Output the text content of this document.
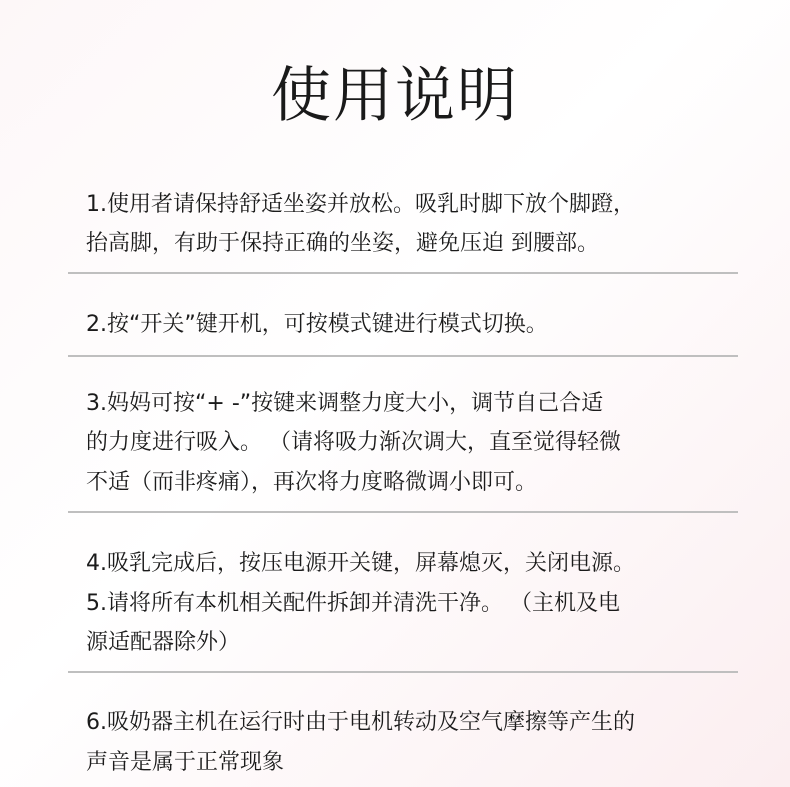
使用说明
1.使用者请保持舒适坐姿并放松。吸乳时脚下放个脚蹬，
抬高脚，有助于保持正确的坐姿，避免压迫 到腰部。
2.按“开关”键开机，可按模式键进行模式切换。
3.妈妈可按“+ -”按键来调整力度大小，调节自己合适
的力度进行吸入。 （请将吸力渐次调大，直至觉得轻微
不适（而非疼痛），再次将力度略微调小即可。
4.吸乳完成后，按压电源开关键，屏幕熄灭，关闭电源。
5.请将所有本机相关配件拆卸并清洗干净。 （主机及电
源适配器除外）
6.吸奶器主机在运行时由于电机转动及空气摩擦等产生的
声音是属于正常现象
